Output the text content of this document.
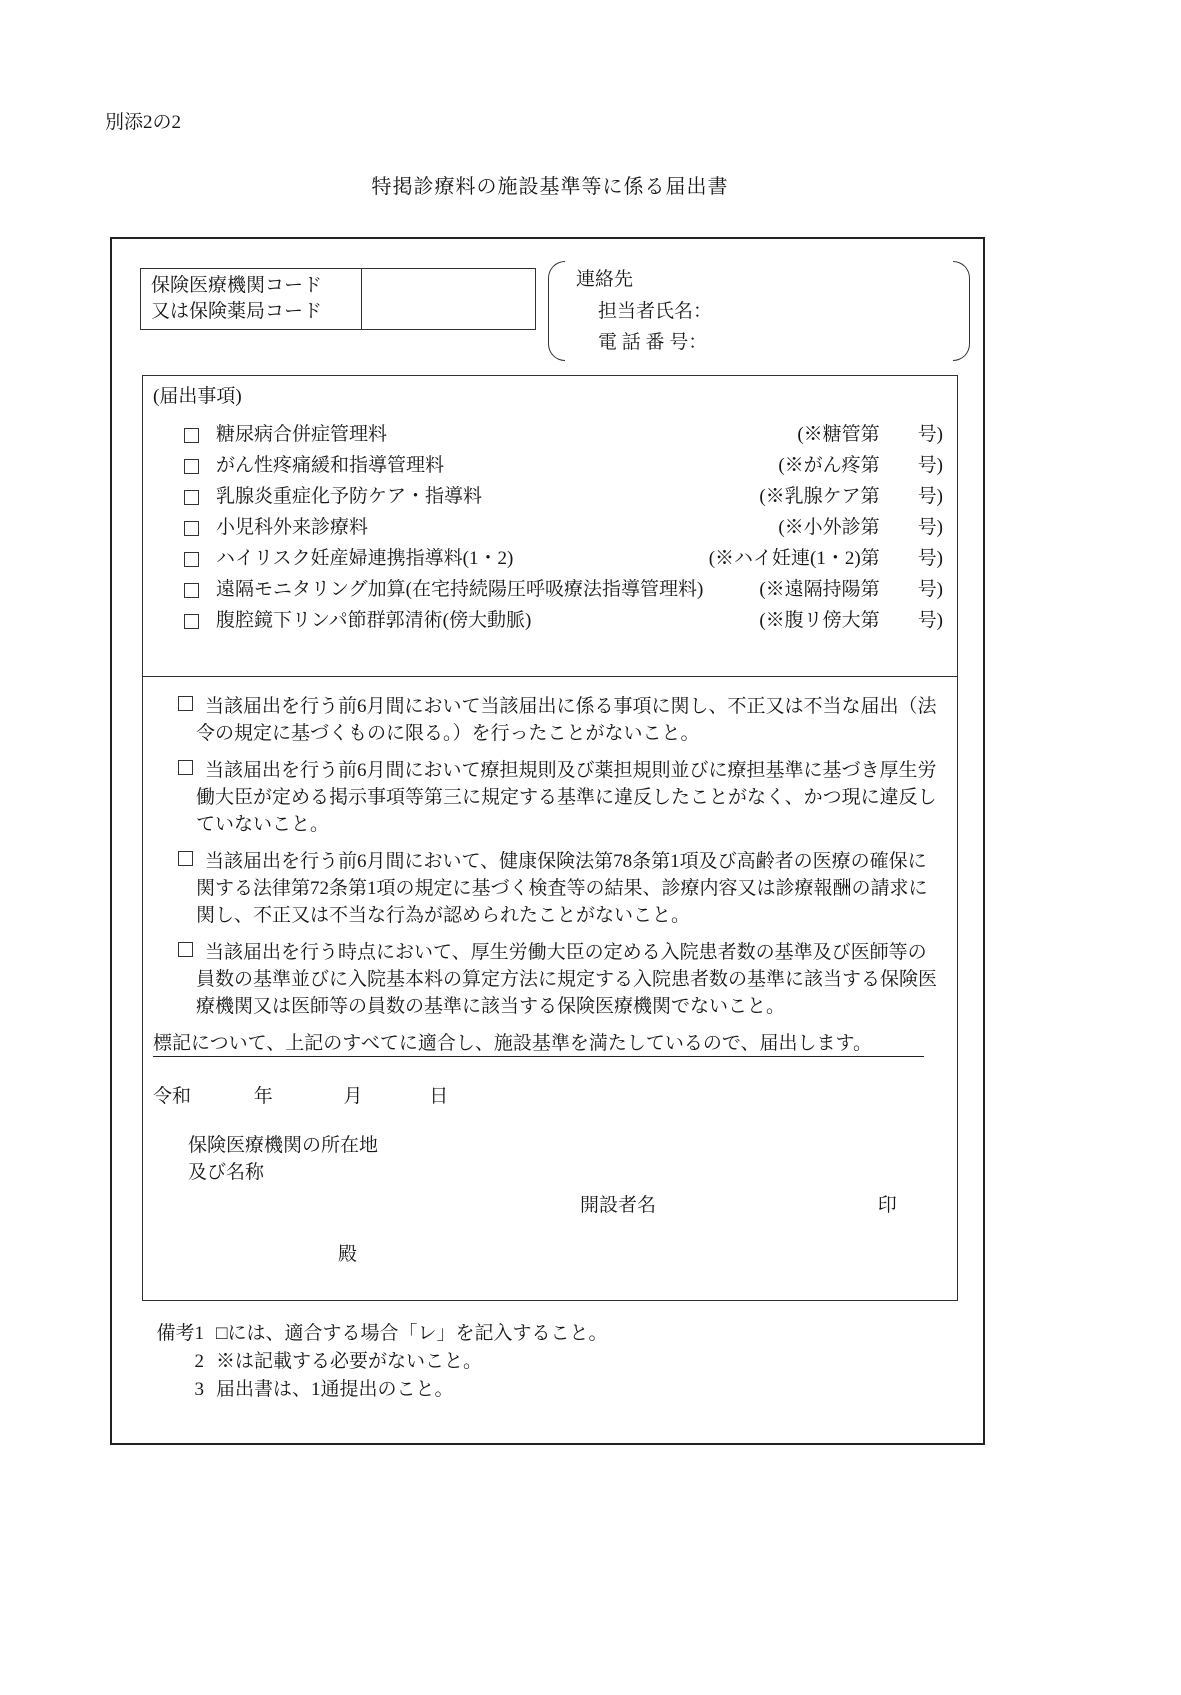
別添2の2
特掲診療料の施設基準等に係る届出書
保険医療機関コード
又は保険薬局コード
連絡先
担当者氏名：
電 話 番 号：
(届出事項)
糖尿病合併症管理料	(※糖管第　　号)
がん性疼痛緩和指導管理料	(※がん疼第　　号)
乳腺炎重症化予防ケア・指導料	(※乳腺ケア第　　号)
小児科外来診療料	(※小外診第　　号)
ハイリスク妊産婦連携指導料(1・2)	(※ハイ妊連(1・2)第　　号)
遠隔モニタリング加算(在宅持続陽圧呼吸療法指導管理料)	(※遠隔持陽第　　号)
腹腔鏡下リンパ節群郭清術(傍大動脈)	(※腹リ傍大第　　号)
当該届出を行う前6月間において当該届出に係る事項に関し、不正又は不当な届出（法令の規定に基づくものに限る。）を行ったことがないこと。
当該届出を行う前6月間において療担規則及び薬担規則並びに療担基準に基づき厚生労働大臣が定める掲示事項等第三に規定する基準に違反したことがなく、かつ現に違反していないこと。
当該届出を行う前6月間において、健康保険法第78条第1項及び高齢者の医療の確保に関する法律第72条第1項の規定に基づく検査等の結果、診療内容又は診療報酬の請求に関し、不正又は不当な行為が認められたことがないこと。
当該届出を行う時点において、厚生労働大臣の定める入院患者数の基準及び医師等の員数の基準並びに入院基本料の算定方法に規定する入院患者数の基準に該当する保険医療機関又は医師等の員数の基準に該当する保険医療機関でないこと。
標記について、上記のすべてに適合し、施設基準を満たしているので、届出します。
令和	年	月	日
保険医療機関の所在地
及び名称
開設者名	印
殿
備考1 □には、適合する場合「レ」を記入すること。
2 ※は記載する必要がないこと。
3 届出書は、1通提出のこと。
